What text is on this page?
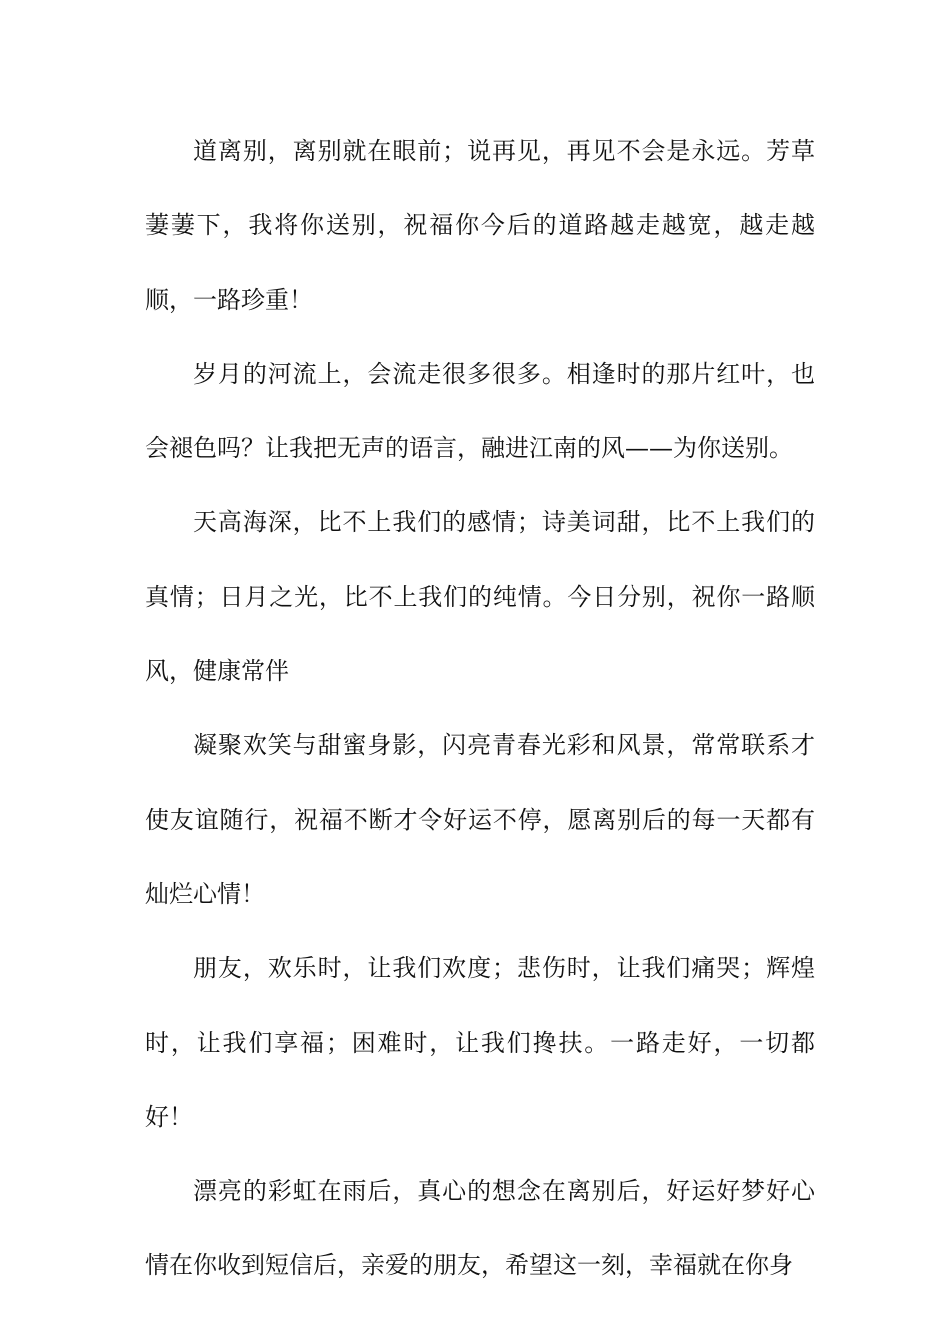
道离别，离别就在眼前；说再见，再见不会是永远。芳草萋萋下，我将你送别，祝福你今后的道路越走越宽，越走越顺，一路珍重！

岁月的河流上，会流走很多很多。相逢时的那片红叶，也会褪色吗？让我把无声的语言，融进江南的风——为你送别。

天高海深，比不上我们的感情；诗美词甜，比不上我们的真情；日月之光，比不上我们的纯情。今日分别，祝你一路顺风，健康常伴

凝聚欢笑与甜蜜身影，闪亮青春光彩和风景，常常联系才使友谊随行，祝福不断才令好运不停，愿离别后的每一天都有灿烂心情！

朋友，欢乐时，让我们欢度；悲伤时，让我们痛哭；辉煌时，让我们享福；困难时，让我们搀扶。一路走好，一切都好！

漂亮的彩虹在雨后，真心的想念在离别后，好运好梦好心情在你收到短信后，亲爱的朋友，希望这一刻，幸福就在你身
